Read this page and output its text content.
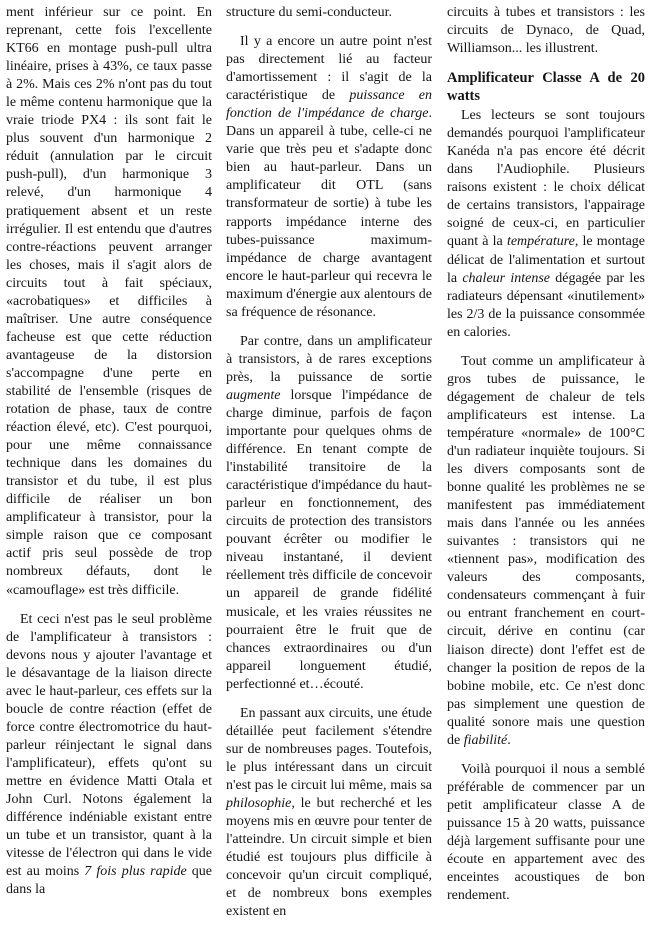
ment inférieur sur ce point. En reprenant, cette fois l'excellente KT66 en montage push-pull ultra linéaire, prises à 43%, ce taux passe à 2%. Mais ces 2% n'ont pas du tout le même contenu harmonique que la vraie triode PX4 : ils sont fait le plus souvent d'un harmonique 2 réduit (annulation par le circuit push-pull), d'un harmonique 3 relevé, d'un harmonique 4 pratiquement absent et un reste irrégulier. Il est entendu que d'autres contre-réactions peuvent arranger les choses, mais il s'agit alors de circuits tout à fait spéciaux, «acrobatiques» et difficiles à maîtriser. Une autre conséquence facheuse est que cette réduction avantageuse de la distorsion s'accompagne d'une perte en stabilité de l'ensemble (risques de rotation de phase, taux de contre réaction élevé, etc). C'est pourquoi, pour une même connaissance technique dans les domaines du transistor et du tube, il est plus difficile de réaliser un bon amplificateur à transistor, pour la simple raison que ce composant actif pris seul possède de trop nombreux défauts, dont le «camouflage» est très difficile.

Et ceci n'est pas le seul problème de l'amplificateur à transistors : devons nous y ajouter l'avantage et le désavantage de la liaison directe avec le haut-parleur, ces effets sur la boucle de contre réaction (effet de force contre électromotrice du haut-parleur réinjectant le signal dans l'amplificateur), effets qu'ont su mettre en évidence Matti Otala et John Curl. Notons également la différence indéniable existant entre un tube et un transistor, quant à la vitesse de l'électron qui dans le vide est au moins 7 fois plus rapide que dans la

structure du semi-conducteur.

Il y a encore un autre point n'est pas directement lié au facteur d'amortissement : il s'agit de la caractéristique de puissance en fonction de l'impédance de charge. Dans un appareil à tube, celle-ci ne varie que très peu et s'adapte donc bien au haut-parleur. Dans un amplificateur dit OTL (sans transformateur de sortie) à tube les rapports impédance interne des tubes-puissance maximum-impédance de charge avantagent encore le haut-parleur qui recevra le maximum d'énergie aux alentours de sa fréquence de résonance.

Par contre, dans un amplificateur à transistors, à de rares exceptions près, la puissance de sortie augmente lorsque l'impédance de charge diminue, parfois de façon importante pour quelques ohms de différence. En tenant compte de l'instabilité transitoire de la caractéristique d'impédance du haut-parleur en fonctionnement, des circuits de protection des transistors pouvant écrêter ou modifier le niveau instantané, il devient réellement très difficile de concevoir un appareil de grande fidélité musicale, et les vraies réussites ne pourraient être le fruit que de chances extraordinaires ou d'un appareil longuement étudié, perfectionné et…écouté.

En passant aux circuits, une étude détaillée peut facilement s'étendre sur de nombreuses pages. Toutefois, le plus intéressant dans un circuit n'est pas le circuit lui même, mais sa philosophie, le but recherché et les moyens mis en œuvre pour tenter de l'atteindre. Un circuit simple et bien étudié est toujours plus difficile à concevoir qu'un circuit compliqué, et de nombreux bons exemples existent en

circuits à tubes et transistors : les circuits de Dynaco, de Quad, Williamson... les illustrent.

Amplificateur Classe A de 20 watts

Les lecteurs se sont toujours demandés pourquoi l'amplificateur Kanéda n'a pas encore été décrit dans l'Audiophile. Plusieurs raisons existent : le choix délicat de certains transistors, l'appairage soigné de ceux-ci, en particulier quant à la température, le montage délicat de l'alimentation et surtout la chaleur intense dégagée par les radiateurs dépensant «inutilement» les 2/3 de la puissance consommée en calories.

Tout comme un amplificateur à gros tubes de puissance, le dégagement de chaleur de tels amplificateurs est intense. La température «normale» de 100°C d'un radiateur inquiète toujours. Si les divers composants sont de bonne qualité les problèmes ne se manifestent pas immédiatement mais dans l'année ou les années suivantes : transistors qui ne «tiennent pas», modification des valeurs des composants, condensateurs commençant à fuir ou entrant franchement en court-circuit, dérive en continu (car liaison directe) dont l'effet est de changer la position de repos de la bobine mobile, etc. Ce n'est donc pas simplement une question de qualité sonore mais une question de fiabilité.

Voilà pourquoi il nous a semblé préférable de commencer par un petit amplificateur classe A de puissance 15 à 20 watts, puissance déjà largement suffisante pour une écoute en appartement avec des enceintes acoustiques de bon rendement.
